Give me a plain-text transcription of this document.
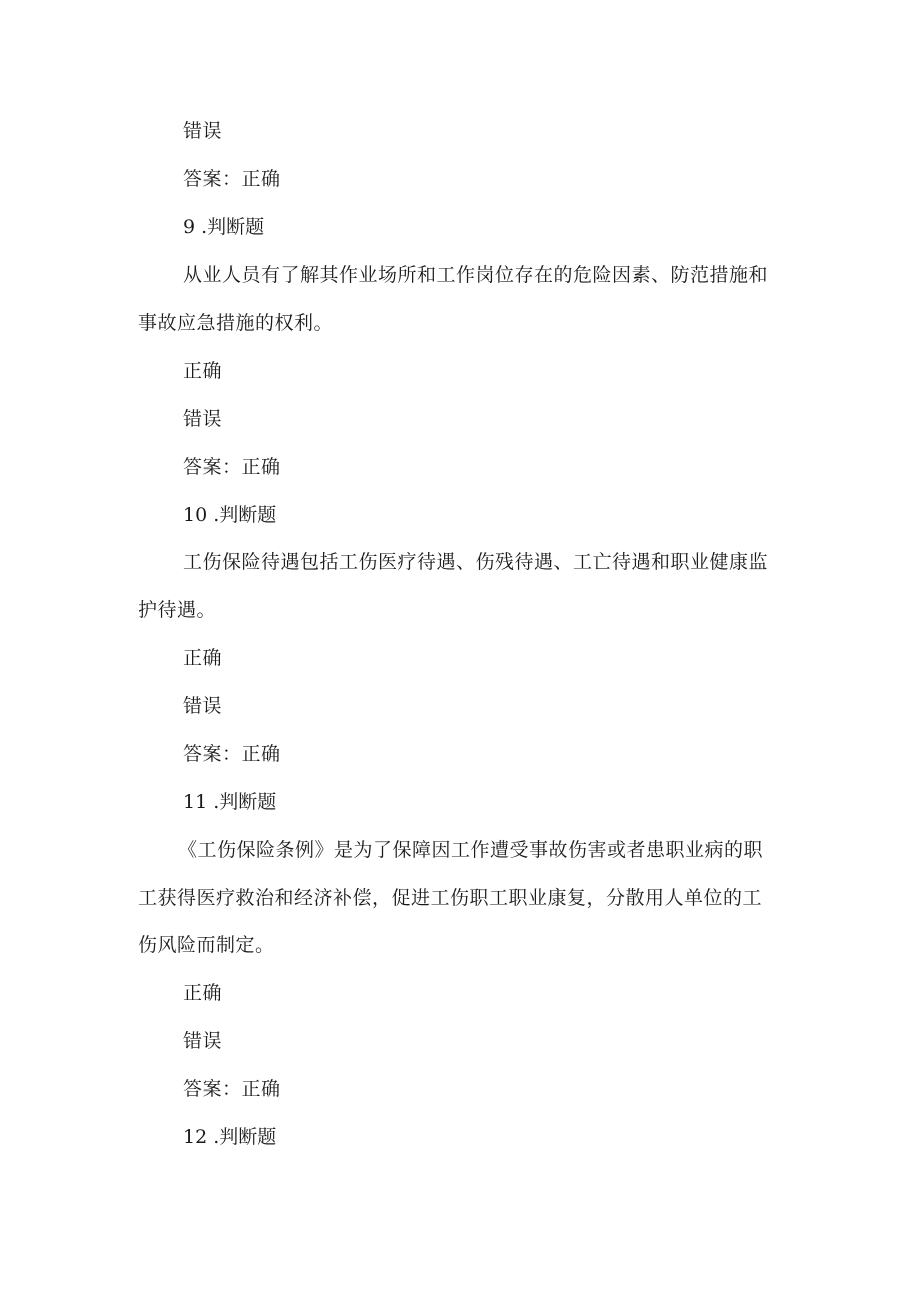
错误
答案：正确
9 .判断题
从业人员有了解其作业场所和工作岗位存在的危险因素、防范措施和
事故应急措施的权利。
正确
错误
答案：正确
10 .判断题
工伤保险待遇包括工伤医疗待遇、伤残待遇、工亡待遇和职业健康监
护待遇。
正确
错误
答案：正确
11 .判断题
《工伤保险条例》是为了保障因工作遭受事故伤害或者患职业病的职
工获得医疗救治和经济补偿，促进工伤职工职业康复，分散用人单位的工
伤风险而制定。
正确
错误
答案：正确
12 .判断题
